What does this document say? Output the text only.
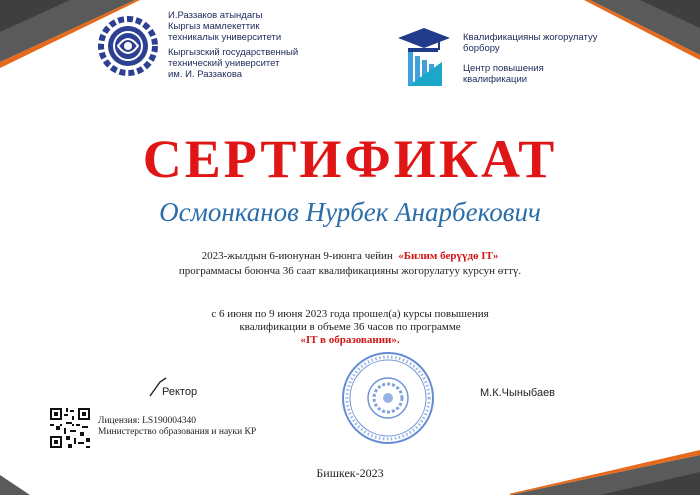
И.Раззаков атындагы
Кыргыз мамлекеттик
техникалык университети
Кыргызский государственный
технический университет
им. И. Раззакова
Квалификацияны жогорулатуу
борбору
Центр повышения
квалификации
СЕРТИФИКАТ
Осмонканов Нурбек Анарбекович
2023-жылдын 6-июнунан 9-июнга чейин «Билим берүүдө IT»
программасы боюнча 36 саат квалификацияны жогорулатуу курсун өттү.
с 6 июня по 9 июня 2023 года прошел(а) курсы повышения
квалификации в объеме 36 часов по программе
«IT в образовании».
Ректор	М.К.Чыныбаев
Лицензия: LS190004340
Министерство образования и науки КР
Бишкек-2023
